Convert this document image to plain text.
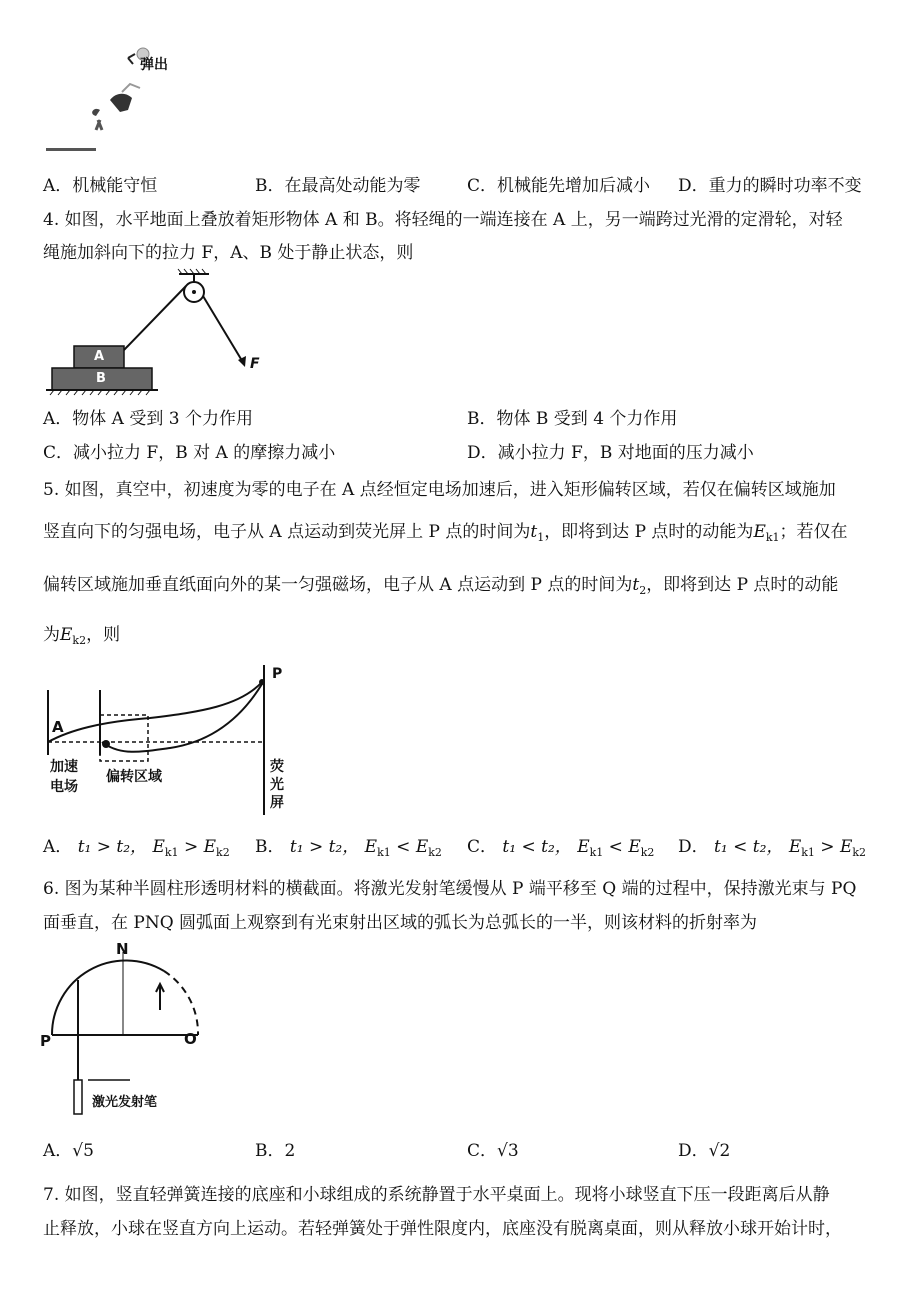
弹出
A．机械能守恒	B．在最高处动能为零	C．机械能先增加后减小 D．重力的瞬时功率不变
4. 如图，水平地面上叠放着矩形物体 A 和 B。将轻绳的一端连接在 A 上，另一端跨过光滑的定滑轮，对轻
绳施加斜向下的拉力 F，A、B 处于静止状态，则
A
B
F
A．物体 A 受到 3 个力作用	B．物体 B 受到 4 个力作用
C．减小拉力 F，B 对 A 的摩擦力减小	D．减小拉力 F，B 对地面的压力减小
5. 如图，真空中，初速度为零的电子在 A 点经恒定电场加速后，进入矩形偏转区域，若仅在偏转区域施加
竖直向下的匀强电场，电子从 A 点运动到荧光屏上 P 点的时间为$t_1$，即将到达 P 点时的动能为$E_{k1}$；若仅在
偏转区域施加垂直纸面向外的某一匀强磁场，电子从 A 点运动到 P 点的时间为$t_2$，即将到达 P 点时的动能
为$E_{k2}$，则
A
P
加速
电场
偏转区域
荧
光
屏
A． t₁ > t₂， $E_{k1} > E_{k2}$ B． t₁ > t₂， $E_{k1} < E_{k2}$ C． t₁ < t₂， $E_{k1} < E_{k2}$ D． t₁ < t₂， $E_{k1} > E_{k2}$
6. 图为某种半圆柱形透明材料的横截面。将激光发射笔缓慢从 P 端平移至 Q 端的过程中，保持激光束与 PQ
面垂直，在 PNQ 圆弧面上观察到有光束射出区域的弧长为总弧长的一半，则该材料的折射率为
N
P	O
激光发射笔
A．√5	B．2	C．√3	D．√2
7. 如图，竖直轻弹簧连接的底座和小球组成的系统静置于水平桌面上。现将小球竖直下压一段距离后从静
止释放，小球在竖直方向上运动。若轻弹簧处于弹性限度内，底座没有脱离桌面，则从释放小球开始计时，
